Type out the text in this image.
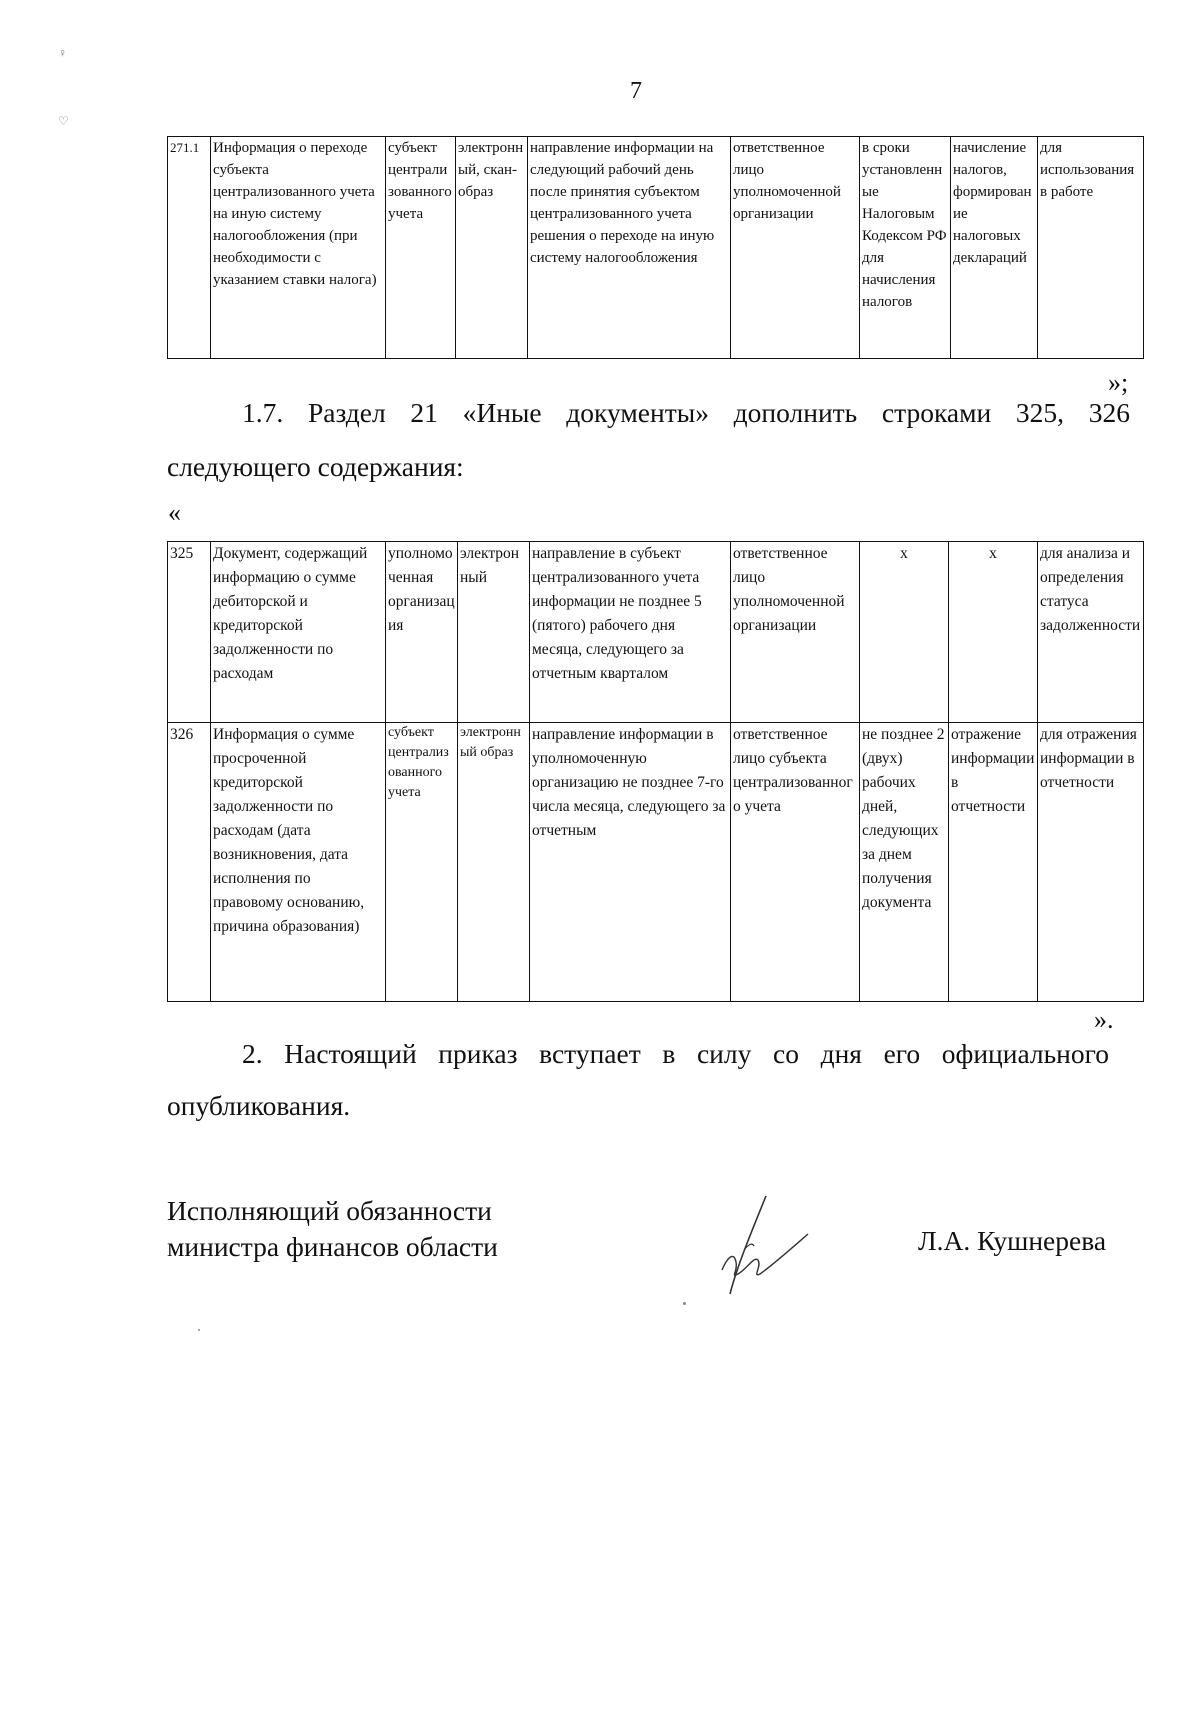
♀
♡
7
271.1	Информация о переходе субъекта централизованного учета на иную систему налогообложения (при необходимости с указанием ставки налога)	субъект централизованного учета	электронный, скан-образ	направление информации на следующий рабочий день после принятия субъектом централизованного учета решения о переходе на иную систему налогообложения	ответственное лицо уполномоченной организации	в сроки установленные Налоговым Кодексом РФ для начисления налогов	начисление налогов, формирование налоговых деклараций	для использования в работе
»;
1.7. Раздел 21 «Иные документы» дополнить строками 325, 326
следующего содержания:
«
325	Документ, содержащий информацию о сумме дебиторской и кредиторской задолженности по расходам	уполномоченная организация	электронный	направление в субъект централизованного учета информации не позднее 5 (пятого) рабочего дня месяца, следующего за отчетным кварталом	ответственное лицо уполномоченной организации	х	х	для анализа и определения статуса задолженности
326	Информация о сумме просроченной кредиторской задолженности по расходам (дата возникновения, дата исполнения по правовому основанию, причина образования)	субъект централизованного учета	электронный образ	направление информации в уполномоченную организацию не позднее 7-го числа месяца, следующего за отчетным	ответственное лицо субъекта централизованного учета	не позднее 2 (двух) рабочих дней, следующих за днем получения документа	отражение информации в отчетности	для отражения информации в отчетности
».
2. Настоящий приказ вступает в силу со дня его официального
опубликования.
Исполняющий обязанности
министра финансов области	Л.А. Кушнерева
